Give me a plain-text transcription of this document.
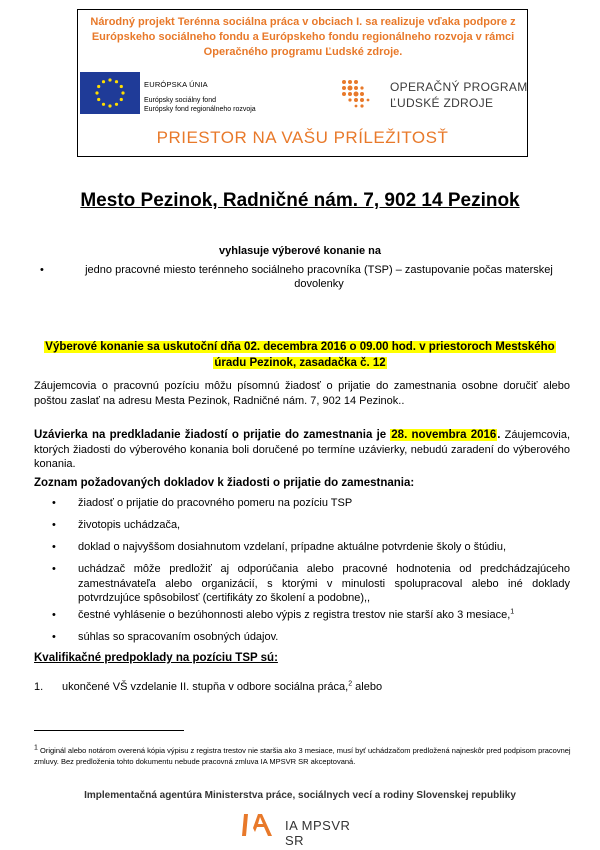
Národný projekt Terénna sociálna práca v obciach I. sa realizuje vďaka podpore z Európskeho sociálneho fondu a Európskeho fondu regionálneho rozvoja v rámci Operačného programu Ľudské zdroje.
EURÓPSKA ÚNIA
Európsky sociálny fond
Európsky fond regionálneho rozvoja
OPERAČNÝ PROGRAM
ĽUDSKÉ ZDROJE
PRIESTOR NA VAŠU PRÍLEŽITOSŤ
Mesto Pezinok, Radničné nám. 7, 902 14 Pezinok
vyhlasuje výberové konanie na
•	jedno pracovné miesto terénneho sociálneho pracovníka (TSP) – zastupovanie počas materskej dovolenky
Výberové konanie sa uskutoční dňa 02. decembra 2016 o 09.00 hod. v priestoroch Mestského
úradu Pezinok, zasadačka č. 12
Záujemcovia o pracovnú pozíciu môžu písomnú žiadosť o prijatie do zamestnania osobne doručiť alebo poštou zaslať na adresu Mesta Pezinok, Radničné nám. 7, 902 14 Pezinok..
Uzávierka na predkladanie žiadostí o prijatie do zamestnania je 28. novembra 2016. Záujemcovia, ktorých žiadosti do výberového konania boli doručené po termíne uzávierky, nebudú zaradení do výberového konania.
Zoznam požadovaných dokladov k žiadosti o prijatie do zamestnania:
• žiadosť o prijatie do pracovného pomeru na pozíciu TSP
• životopis uchádzača,
• doklad o najvyššom dosiahnutom vzdelaní, prípadne aktuálne potvrdenie školy o štúdiu,
• uchádzač môže predložiť aj odporúčania alebo pracovné hodnotenia od predchádzajúceho zamestnávateľa alebo organizácií, s ktorými v minulosti spolupracoval alebo iné doklady potvrdzujúce spôsobilosť (certifikáty zo školení a podobne),,
• čestné vyhlásenie o bezúhonnosti alebo výpis z registra trestov nie starší ako 3 mesiace,$^1$
• súhlas so spracovaním osobných údajov.
Kvalifikačné predpoklady na pozíciu TSP sú:
1. ukončené VŠ vzdelanie II. stupňa v odbore sociálna práca,$^2$ alebo
$^1$ Originál alebo notárom overená kópia výpisu z registra trestov nie staršia ako 3 mesiace, musí byť uchádzačom predložená najneskôr pred podpisom pracovnej zmluvy. Bez predloženia tohto dokumentu nebude pracovná zmluva IA MPSVR SR akceptovaná.
Implementačná agentúra Ministerstva práce, sociálnych vecí a rodiny Slovenskej republiky
IA MPSVR SR
